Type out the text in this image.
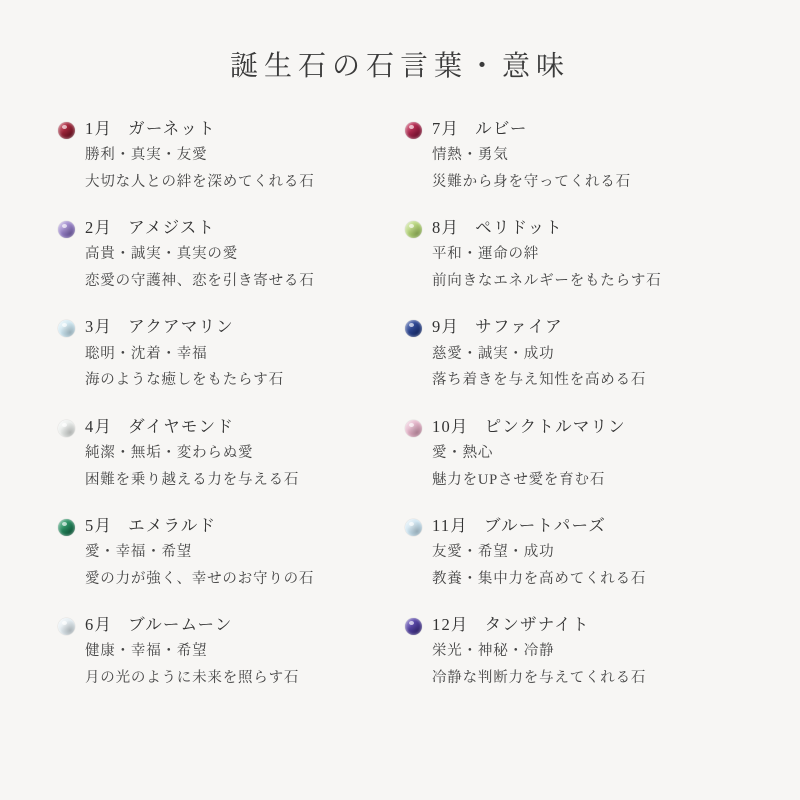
誕生石の石言葉・意味
1月 ガーネット
勝利・真実・友愛
大切な人との絆を深めてくれる石
2月 アメジスト
高貴・誠実・真実の愛
恋愛の守護神、恋を引き寄せる石
3月 アクアマリン
聡明・沈着・幸福
海のような癒しをもたらす石
4月 ダイヤモンド
純潔・無垢・変わらぬ愛
困難を乗り越える力を与える石
5月 エメラルド
愛・幸福・希望
愛の力が強く、幸せのお守りの石
6月 ブルームーン
健康・幸福・希望
月の光のように未来を照らす石
7月 ルビー
情熱・勇気
災難から身を守ってくれる石
8月 ペリドット
平和・運命の絆
前向きなエネルギーをもたらす石
9月 サファイア
慈愛・誠実・成功
落ち着きを与え知性を高める石
10月 ピンクトルマリン
愛・熱心
魅力をUPさせ愛を育む石
11月 ブルートパーズ
友愛・希望・成功
教養・集中力を高めてくれる石
12月 タンザナイト
栄光・神秘・冷静
冷静な判断力を与えてくれる石
